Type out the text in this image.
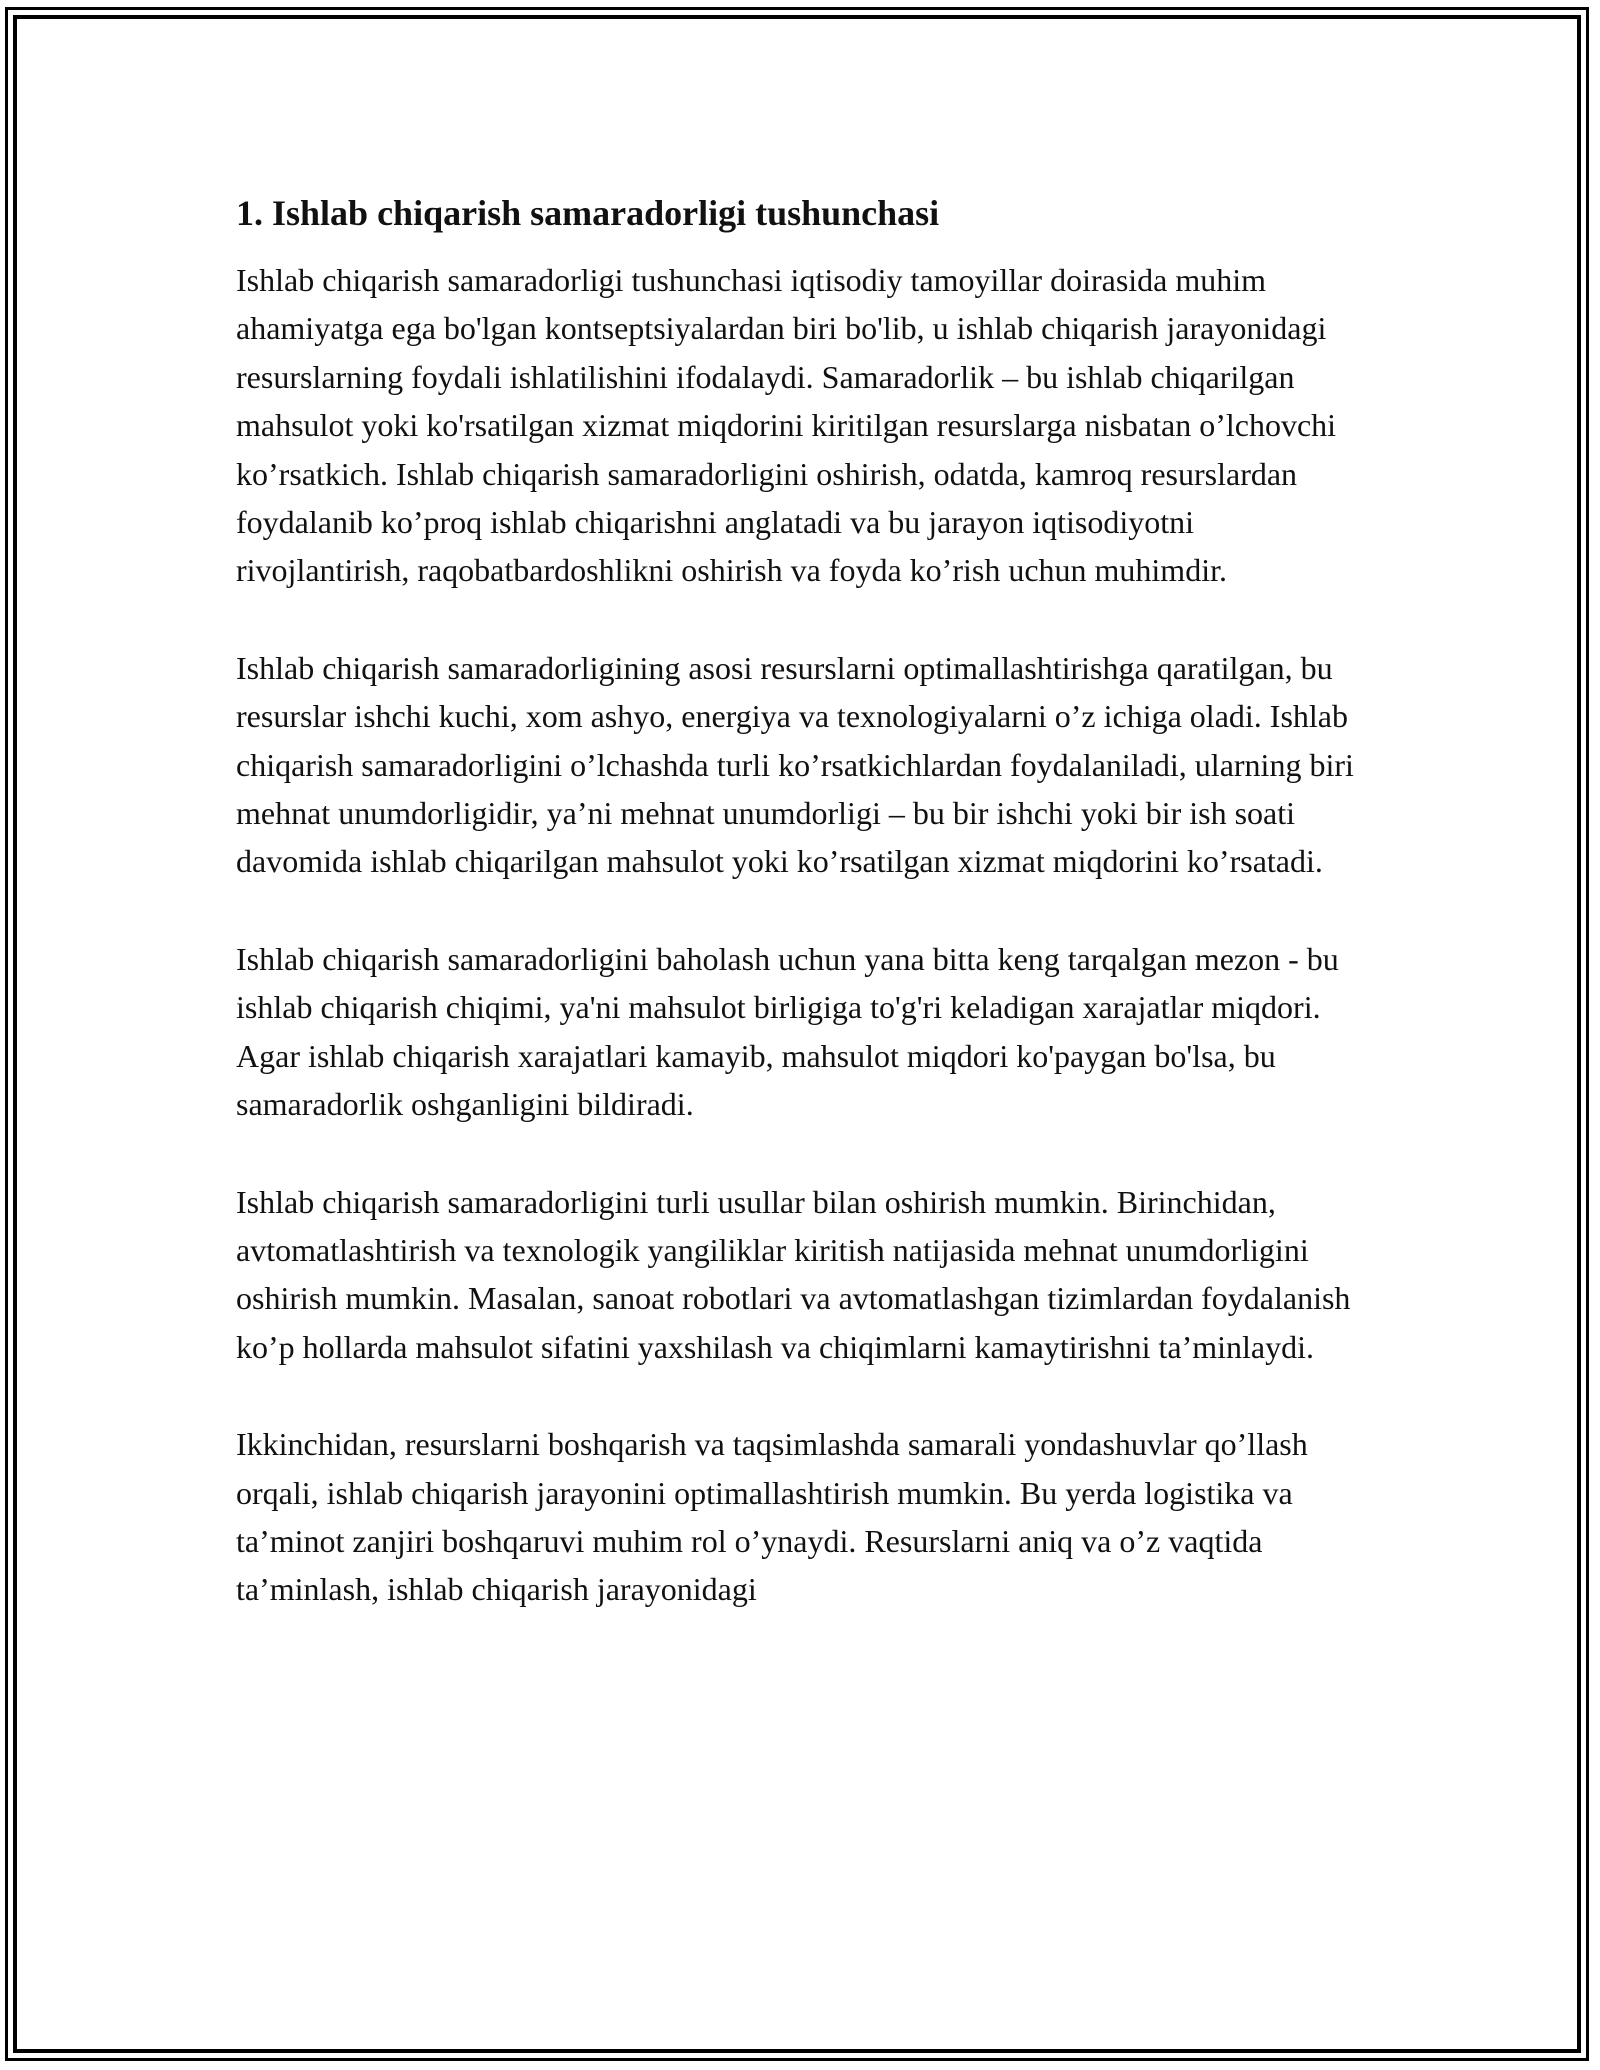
1. Ishlab chiqarish samaradorligi tushunchasi

Ishlab chiqarish samaradorligi tushunchasi iqtisodiy tamoyillar doirasida muhim ahamiyatga ega bo'lgan kontseptsiyalardan biri bo'lib, u ishlab chiqarish jarayonidagi resurslarning foydali ishlatilishini ifodalaydi. Samaradorlik – bu ishlab chiqarilgan mahsulot yoki ko'rsatilgan xizmat miqdorini kiritilgan resurslarga nisbatan o’lchovchi ko’rsatkich. Ishlab chiqarish samaradorligini oshirish, odatda, kamroq resurslardan foydalanib ko’proq ishlab chiqarishni anglatadi va bu jarayon iqtisodiyotni rivojlantirish, raqobatbardoshlikni oshirish va foyda ko’rish uchun muhimdir.

Ishlab chiqarish samaradorligining asosi resurslarni optimallashtirishga qaratilgan, bu resurslar ishchi kuchi, xom ashyo, energiya va texnologiyalarni o’z ichiga oladi. Ishlab chiqarish samaradorligini o’lchashda turli ko’rsatkichlardan foydalaniladi, ularning biri mehnat unumdorligidir, ya’ni mehnat unumdorligi – bu bir ishchi yoki bir ish soati davomida ishlab chiqarilgan mahsulot yoki ko’rsatilgan xizmat miqdorini ko’rsatadi.

Ishlab chiqarish samaradorligini baholash uchun yana bitta keng tarqalgan mezon - bu ishlab chiqarish chiqimi, ya'ni mahsulot birligiga to'g'ri keladigan xarajatlar miqdori. Agar ishlab chiqarish xarajatlari kamayib, mahsulot miqdori ko'paygan bo'lsa, bu samaradorlik oshganligini bildiradi.

Ishlab chiqarish samaradorligini turli usullar bilan oshirish mumkin. Birinchidan, avtomatlashtirish va texnologik yangiliklar kiritish natijasida mehnat unumdorligini oshirish mumkin. Masalan, sanoat robotlari va avtomatlashgan tizimlardan foydalanish ko’p hollarda mahsulot sifatini yaxshilash va chiqimlarni kamaytirishni ta’minlaydi.

Ikkinchidan, resurslarni boshqarish va taqsimlashda samarali yondashuvlar qo’llash orqali, ishlab chiqarish jarayonini optimallashtirish mumkin. Bu yerda logistika va ta’minot zanjiri boshqaruvi muhim rol o’ynaydi. Resurslarni aniq va o’z vaqtida ta’minlash, ishlab chiqarish jarayonidagi
